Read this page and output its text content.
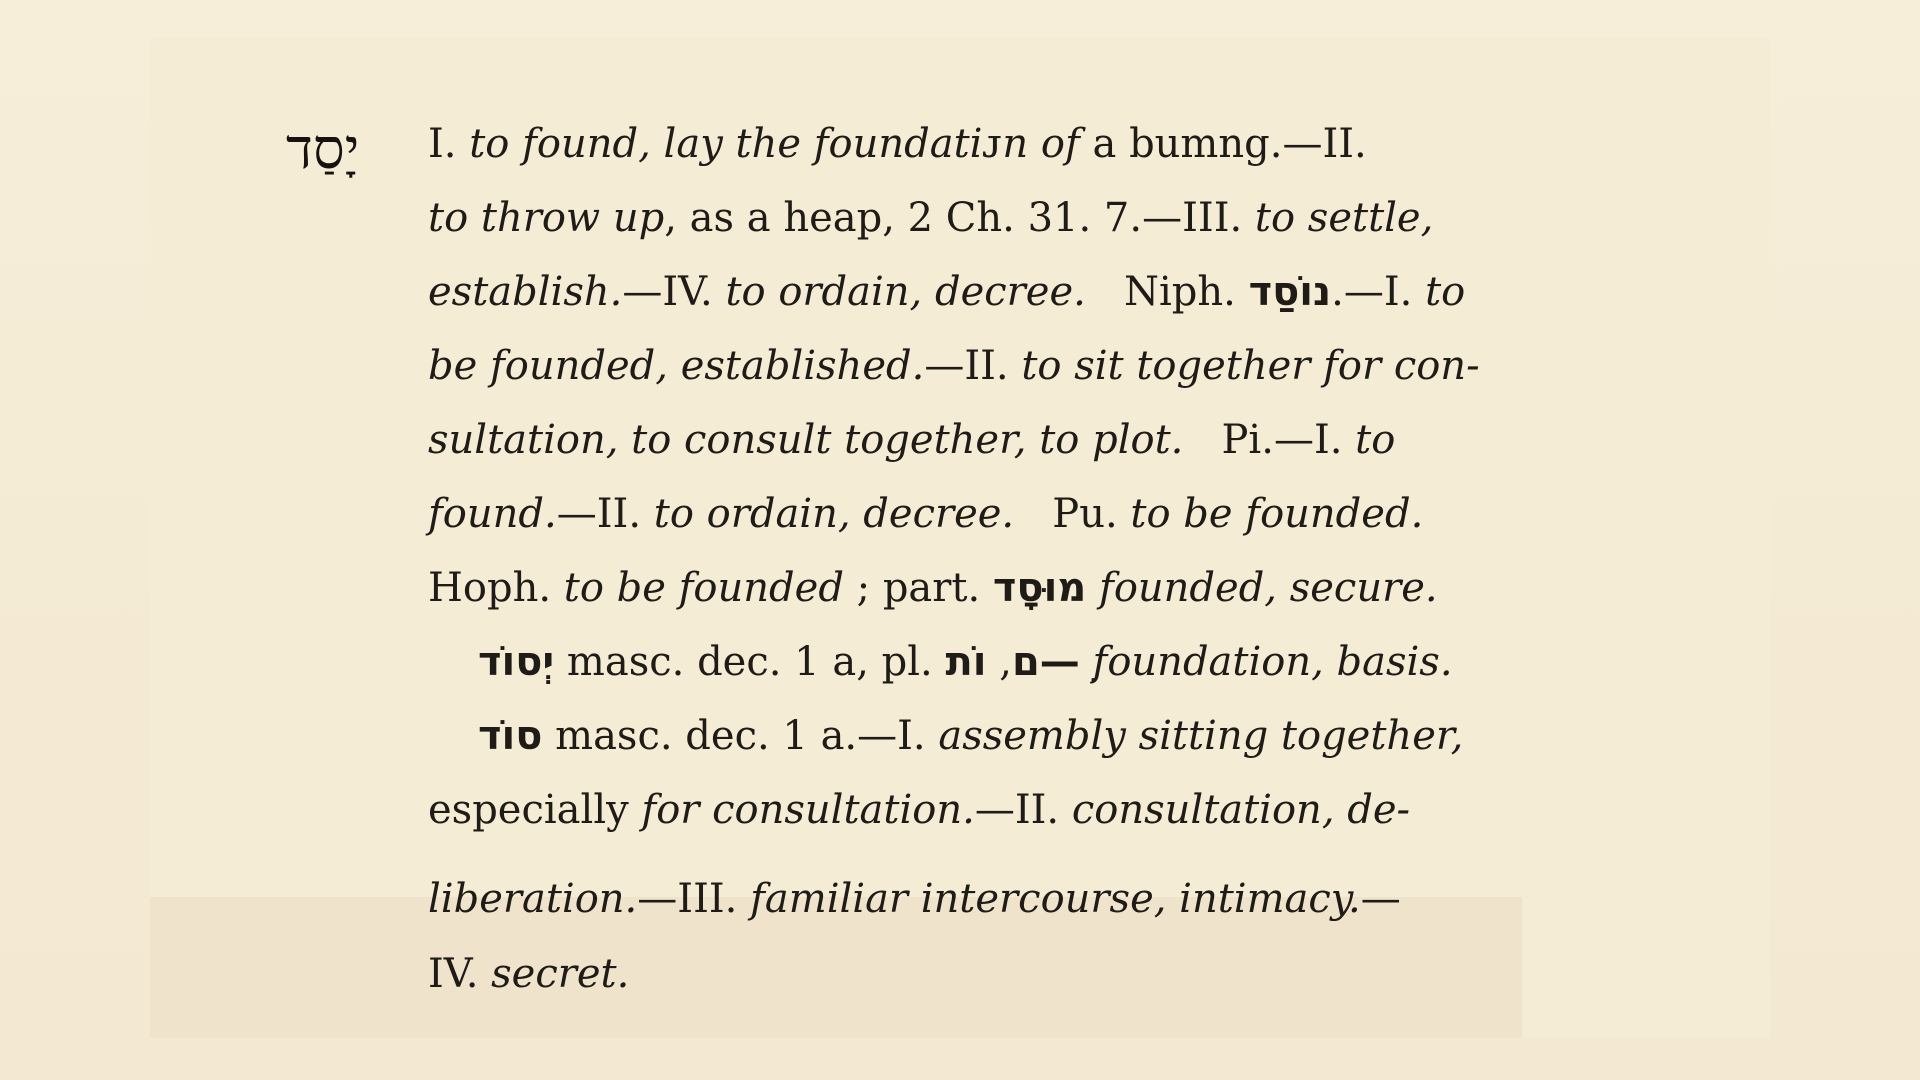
יָסַד I. to found, lay the foundatiᴊn of a bumng.—II.
to throw up, as a heap, 2 Ch. 31. 7.—III. to settle,
establish.—IV. to ordain, decree.   Niph. נוֹסַד.—I. to
be founded, established.—II. to sit together for con-
sultation, to consult together, to plot.   Pi.—I. to
found.—II. to ordain, decree.   Pu. to be founded.
Hoph. to be founded ; part. מוּסָד founded, secure.
יְסוֹד masc. dec. 1 a, pl. ִ—ם, וֹת foundation, basis.
סוֹד masc. dec. 1 a.—I. assembly sitting together,
especially for consultation.—II. consultation, de-
liberation.—III. familiar intercourse, intimacy.—
IV. secret.
